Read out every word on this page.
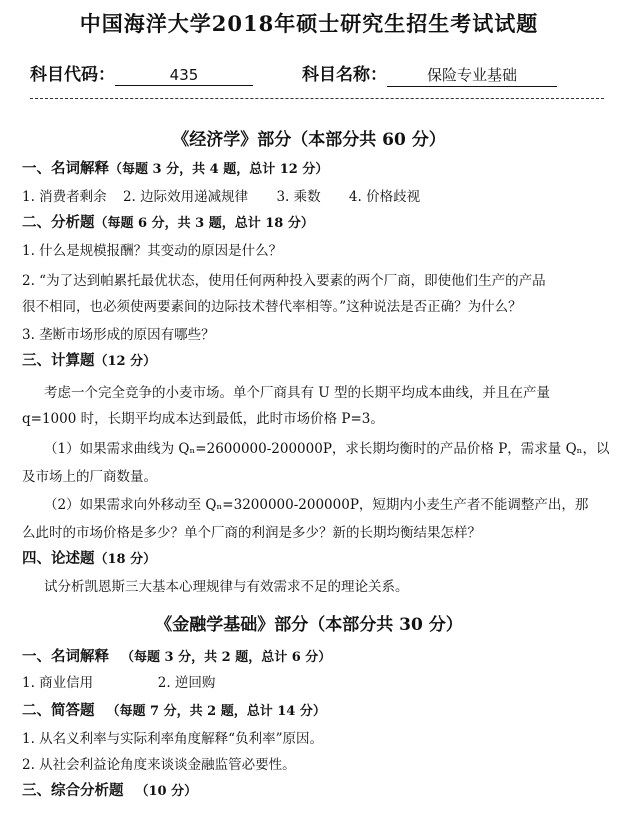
中国海洋大学2018年硕士研究生招生考试试题
科目代码：	435	科目名称：	保险专业基础
《经济学》部分（本部分共 60 分）
一、名词解释（每题 3 分，共 4 题，总计 12 分）
1. 消费者剩余 2. 边际效用递减规律 3. 乘数 4. 价格歧视
二、分析题（每题 6 分，共 3 题，总计 18 分）
1. 什么是规模报酬？其变动的原因是什么？
2. “为了达到帕累托最优状态，使用任何两种投入要素的两个厂商，即使他们生产的产品
很不相同，也必须使两要素间的边际技术替代率相等。”这种说法是否正确？为什么？
3. 垄断市场形成的原因有哪些？
三、计算题（12 分）
考虑一个完全竞争的小麦市场。单个厂商具有 U 型的长期平均成本曲线，并且在产量
q=1000 时，长期平均成本达到最低，此时市场价格 P=3。
（1）如果需求曲线为 Qₙ=2600000-200000P，求长期均衡时的产品价格 P，需求量 Qₙ，以
及市场上的厂商数量。
（2）如果需求向外移动至 Qₙ=3200000-200000P，短期内小麦生产者不能调整产出，那
么此时的市场价格是多少？单个厂商的利润是多少？新的长期均衡结果怎样？
四、论述题（18 分）
试分析凯恩斯三大基本心理规律与有效需求不足的理论关系。
《金融学基础》部分（本部分共 30 分）
一、名词解释 （每题 3 分，共 2 题，总计 6 分）
1. 商业信用	2. 逆回购
二、简答题 （每题 7 分，共 2 题，总计 14 分）
1. 从名义利率与实际利率角度解释“负利率”原因。
2. 从社会利益论角度来谈谈金融监管必要性。
三、综合分析题 （10 分）
